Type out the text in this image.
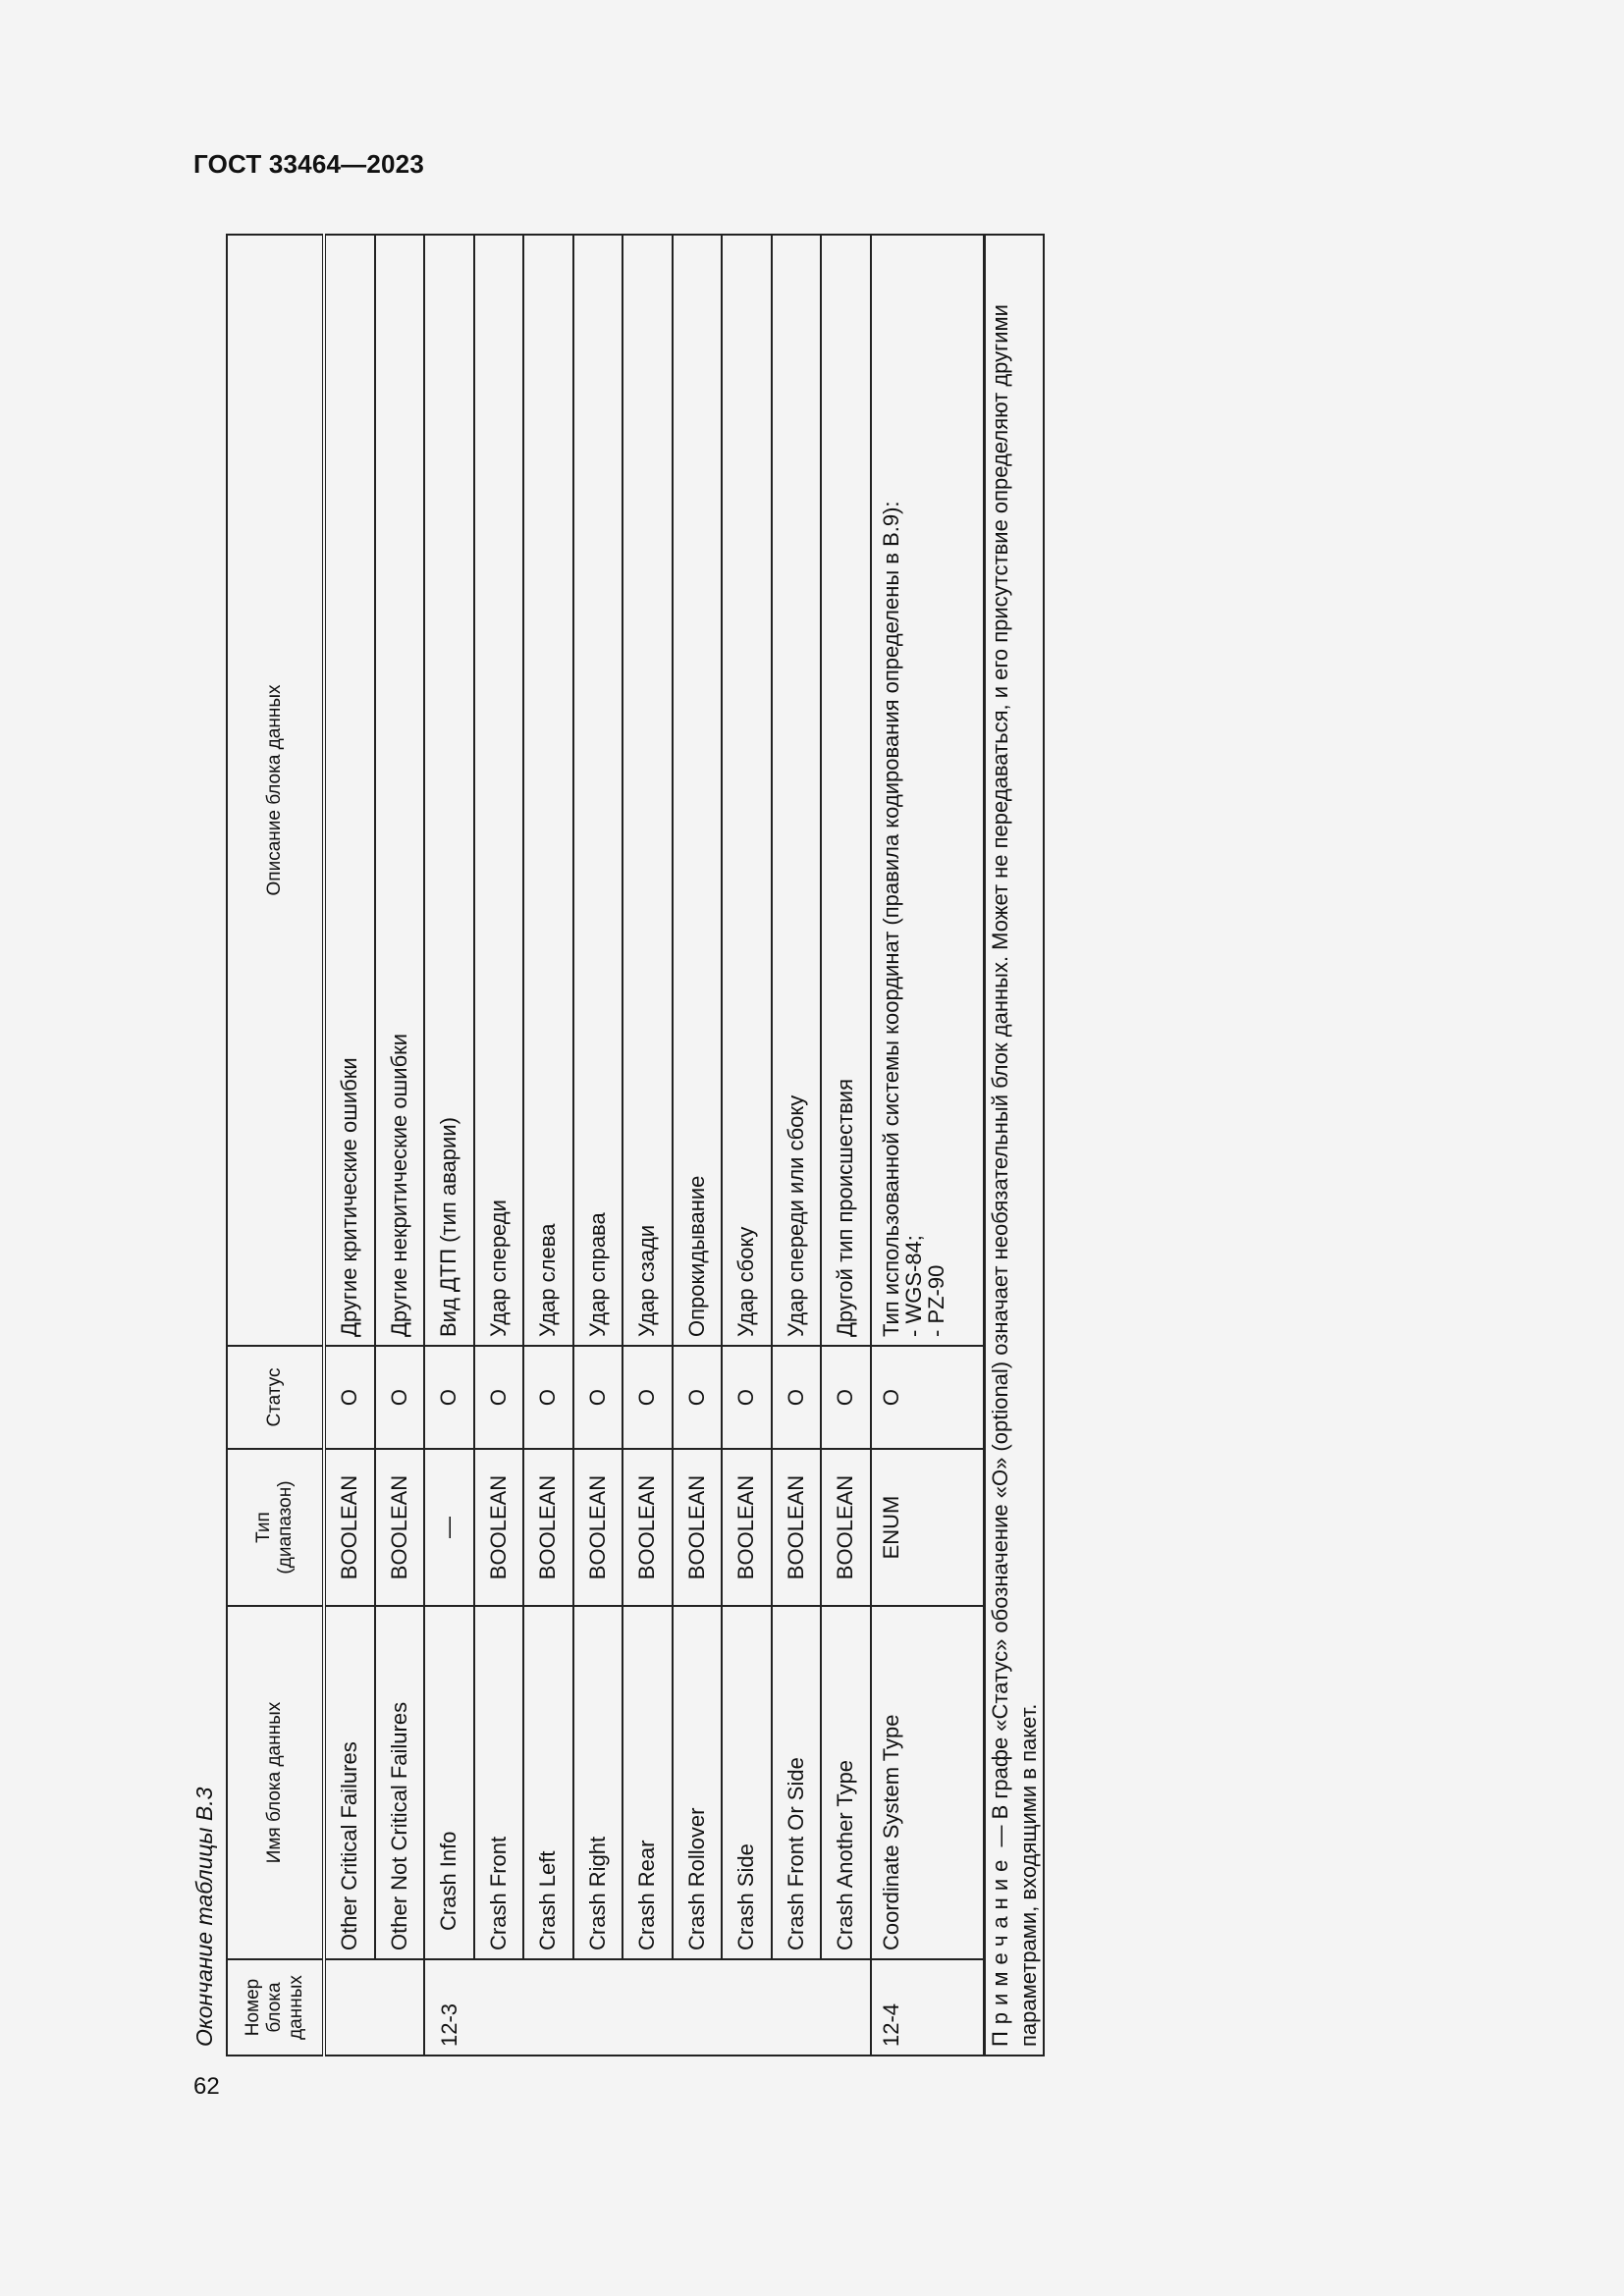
ГОСТ 33464—2023
62
Окончание таблицы В.3	Номер блока данных	Имя блока данных	Тип (диапазон)	Статус	Описание блока данных
	Other Critical Failures	BOOLEAN	O	Другие критические ошибки
	Other Not Critical Failures	BOOLEAN	O	Другие некритические ошибки
12-3	Crash Info	—	O	Вид ДТП (тип аварии)
	Crash Front	BOOLEAN	O	Удар спереди
	Crash Left	BOOLEAN	O	Удар слева
	Crash Right	BOOLEAN	O	Удар справа
	Crash Rear	BOOLEAN	O	Удар сзади
	Crash Rollover	BOOLEAN	O	Опрокидывание
	Crash Side	BOOLEAN	O	Удар сбоку
	Crash Front Or Side	BOOLEAN	O	Удар спереди или сбоку
	Crash Another Type	BOOLEAN	O	Другой тип происшествия
12-4	Coordinate System Type	ENUM	O	Тип использованной системы координат (правила кодирования определены в В.9):
- WGS-84;
- PZ-90

Примечание — В графе «Статус» обозначение «О» (optional) означает необязательный блок данных. Может не передаваться, и его присутствие определяют другими параметрами, входящими в пакет.				
